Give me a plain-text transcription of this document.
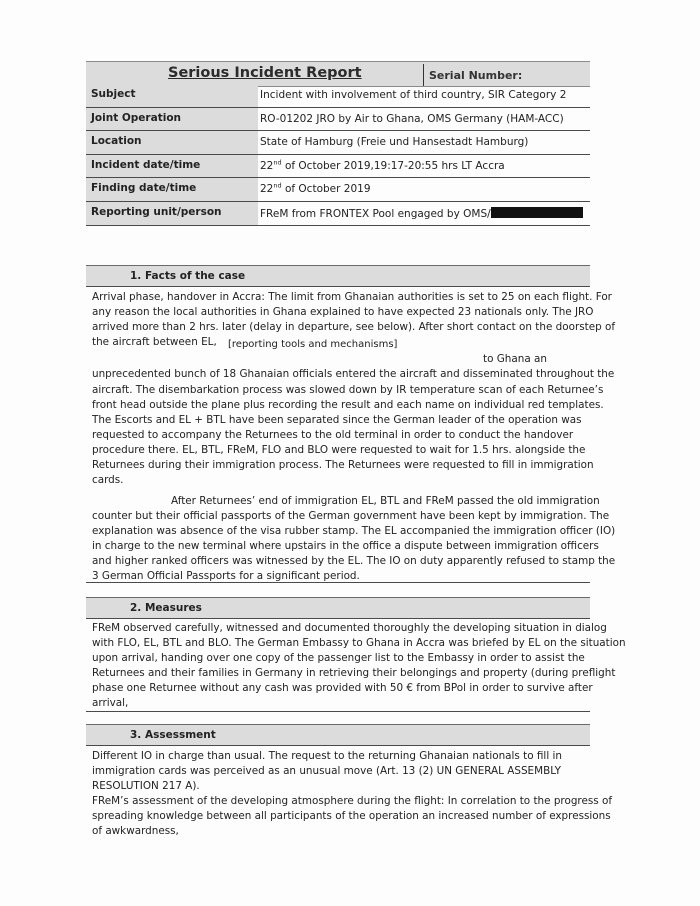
Serious Incident Report	Serial Number:
Subject	Incident with involvement of third country, SIR Category 2
Joint Operation	RO-01202 JRO by Air to Ghana, OMS Germany (HAM-ACC)
Location	State of Hamburg (Freie und Hansestadt Hamburg)
Incident date/time	22nd of October 2019,19:17-20:55 hrs LT Accra
Finding date/time	22nd of October 2019
Reporting unit/person	FReM from FRONTEX Pool engaged by OMS/
1. Facts of the case
Arrival phase, handover in Accra: The limit from Ghanaian authorities is set to 25 on each flight. For
any reason the local authorities in Ghana explained to have expected 23 nationals only. The JRO
arrived more than 2 hrs. later (delay in departure, see below). After short contact on the doorstep of
the aircraft between EL, [reporting tools and mechanisms]
to Ghana an
unprecedented bunch of 18 Ghanaian officials entered the aircraft and disseminated throughout the
aircraft. The disembarkation process was slowed down by IR temperature scan of each Returnee’s
front head outside the plane plus recording the result and each name on individual red templates.
The Escorts and EL + BTL have been separated since the German leader of the operation was
requested to accompany the Returnees to the old terminal in order to conduct the handover
procedure there. EL, BTL, FReM, FLO and BLO were requested to wait for 1.5 hrs. alongside the
Returnees during their immigration process. The Returnees were requested to fill in immigration
cards.
After Returnees’ end of immigration EL, BTL and FReM passed the old immigration
counter but their official passports of the German government have been kept by immigration. The
explanation was absence of the visa rubber stamp. The EL accompanied the immigration officer (IO)
in charge to the new terminal where upstairs in the office a dispute between immigration officers
and higher ranked officers was witnessed by the EL. The IO on duty apparently refused to stamp the
3 German Official Passports for a significant period.
2. Measures
FReM observed carefully, witnessed and documented thoroughly the developing situation in dialog
with FLO, EL, BTL and BLO. The German Embassy to Ghana in Accra was briefed by EL on the situation
upon arrival, handing over one copy of the passenger list to the Embassy in order to assist the
Returnees and their families in Germany in retrieving their belongings and property (during preflight
phase one Returnee without any cash was provided with 50 € from BPol in order to survive after
arrival,
3. Assessment
Different IO in charge than usual. The request to the returning Ghanaian nationals to fill in
immigration cards was perceived as an unusual move (Art. 13 (2) UN GENERAL ASSEMBLY
RESOLUTION 217 A).
FReM’s assessment of the developing atmosphere during the flight: In correlation to the progress of
spreading knowledge between all participants of the operation an increased number of expressions
of awkwardness,
